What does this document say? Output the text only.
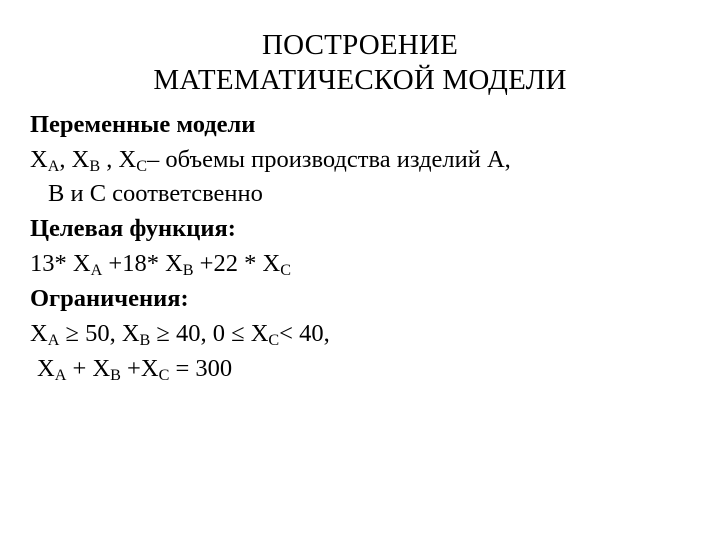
ПОСТРОЕНИЕ
МАТЕМАТИЧЕСКОЙ МОДЕЛИ
Переменные модели
$X_A$, $X_B$ , $X_C-$ объемы производства изделий А,
В и С соответсвенно
Целевая функция:
13* $X_A +18*$ $X_B +22 * X_C$
Ограничения:
$X_A \ge 50$, $X_B \ge 40$, $0 \le X_C< 40$,
$X_A + X_B +X_C = 300$
